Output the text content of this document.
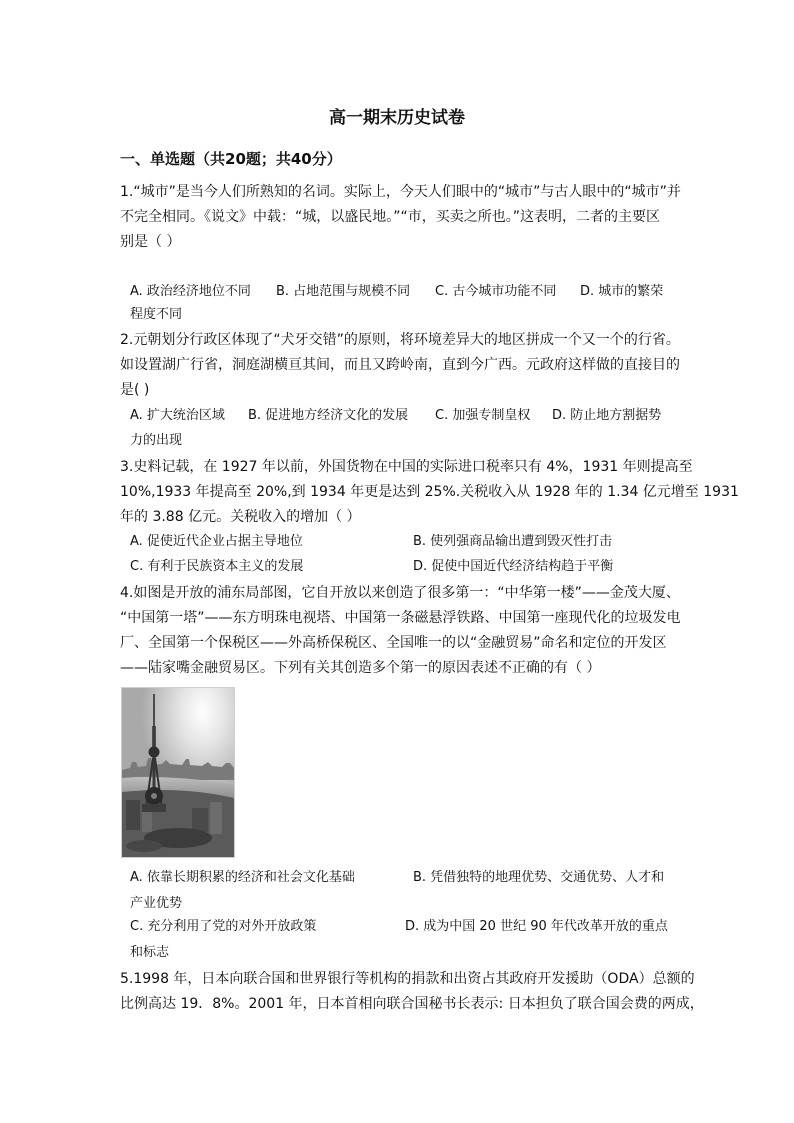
高一期末历史试卷
一、单选题（共20题；共40分）
1.“城市”是当今人们所熟知的名词。实际上，今天人们眼中的“城市”与古人眼中的“城市”并
不完全相同。《说文》中载：“城，以盛民地。”“市，买卖之所也。”这表明，二者的主要区
别是（ ）
A. 政治经济地位不同 B. 占地范围与规模不同 C. 古今城市功能不同 D. 城市的繁荣
程度不同
2.元朝划分行政区体现了“犬牙交错”的原则，将环境差异大的地区拼成一个又一个的行省。
如设置湖广行省，洞庭湖横亘其间，而且又跨岭南，直到今广西。元政府这样做的直接目的
是( )
A. 扩大统治区域 B. 促进地方经济文化的发展 C. 加强专制皇权 D. 防止地方割据势
力的出现
3.史料记载，在 1927 年以前，外国货物在中国的实际进口税率只有 4%，1931 年则提高至
10%,1933 年提高至 20%,到 1934 年更是达到 25%.关税收入从 1928 年的 1.34 亿元增至 1931
年的 3.88 亿元。关税收入的增加（ ）
A. 促使近代企业占据主导地位	B. 使列强商品输出遭到毁灭性打击
C. 有利于民族资本主义的发展	D. 促使中国近代经济结构趋于平衡
4.如图是开放的浦东局部图，它自开放以来创造了很多第一：“中华第一楼”——金茂大厦、
“中国第一塔”——东方明珠电视塔、中国第一条磁悬浮铁路、中国第一座现代化的垃圾发电
厂、全国第一个保税区——外高桥保税区、全国唯一的以“金融贸易”命名和定位的开发区
——陆家嘴金融贸易区。下列有关其创造多个第一的原因表述不正确的有（ ）
A. 依靠长期积累的经济和社会文化基础	B. 凭借独特的地理优势、交通优势、人才和
产业优势
C. 充分利用了党的对外开放政策	D. 成为中国 20 世纪 90 年代改革开放的重点
和标志
5.1998 年，日本向联合国和世界银行等机构的捐款和出资占其政府开发援助（ODA）总额的
比例高达 19．8%。2001 年，日本首相向联合国秘书长表示: 日本担负了联合国会费的两成，
